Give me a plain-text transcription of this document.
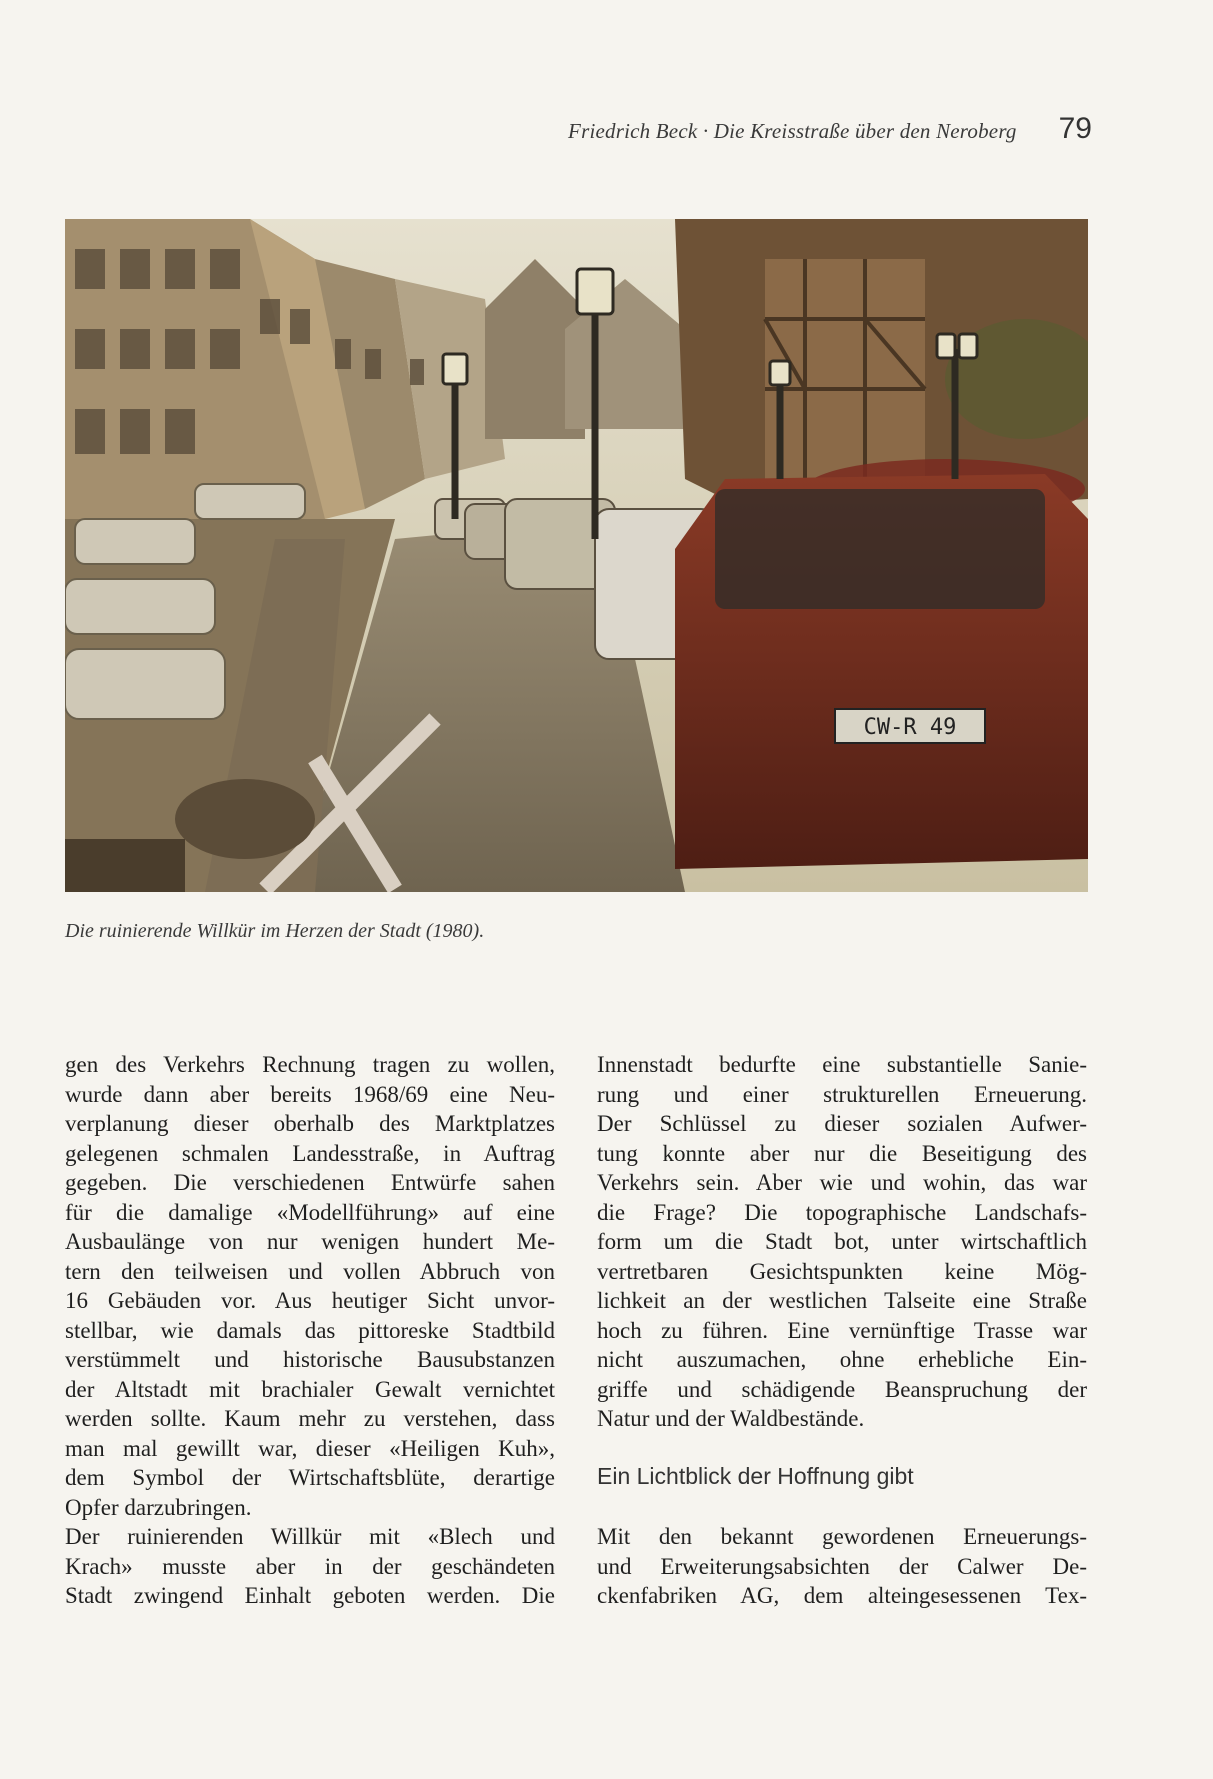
Friedrich Beck · Die Kreisstraße über den Neroberg 79
CW-R 49
Die ruinierende Willkür im Herzen der Stadt (1980).
gen des Verkehrs Rechnung tragen zu wollen,
wurde dann aber bereits 1968/69 eine Neu-
verplanung dieser oberhalb des Marktplatzes
gelegenen schmalen Landesstraße, in Auftrag
gegeben. Die verschiedenen Entwürfe sahen
für die damalige «Modellführung» auf eine
Ausbaulänge von nur wenigen hundert Me-
tern den teilweisen und vollen Abbruch von
16 Gebäuden vor. Aus heutiger Sicht unvor-
stellbar, wie damals das pittoreske Stadtbild
verstümmelt und historische Bausubstanzen
der Altstadt mit brachialer Gewalt vernichtet
werden sollte. Kaum mehr zu verstehen, dass
man mal gewillt war, dieser «Heiligen Kuh»,
dem Symbol der Wirtschaftsblüte, derartige
Opfer darzubringen.
Der ruinierenden Willkür mit «Blech und
Krach» musste aber in der geschändeten
Stadt zwingend Einhalt geboten werden. Die
Innenstadt bedurfte eine substantielle Sanie-
rung und einer strukturellen Erneuerung.
Der Schlüssel zu dieser sozialen Aufwer-
tung konnte aber nur die Beseitigung des
Verkehrs sein. Aber wie und wohin, das war
die Frage? Die topographische Landschafs-
form um die Stadt bot, unter wirtschaftlich
vertretbaren Gesichtspunkten keine Mög-
lichkeit an der westlichen Talseite eine Straße
hoch zu führen. Eine vernünftige Trasse war
nicht auszumachen, ohne erhebliche Ein-
griffe und schädigende Beanspruchung der
Natur und der Waldbestände.
Ein Lichtblick der Hoffnung gibt
Mit den bekannt gewordenen Erneuerungs-
und Erweiterungsabsichten der Calwer De-
ckenfabriken AG, dem alteingesessenen Tex-
